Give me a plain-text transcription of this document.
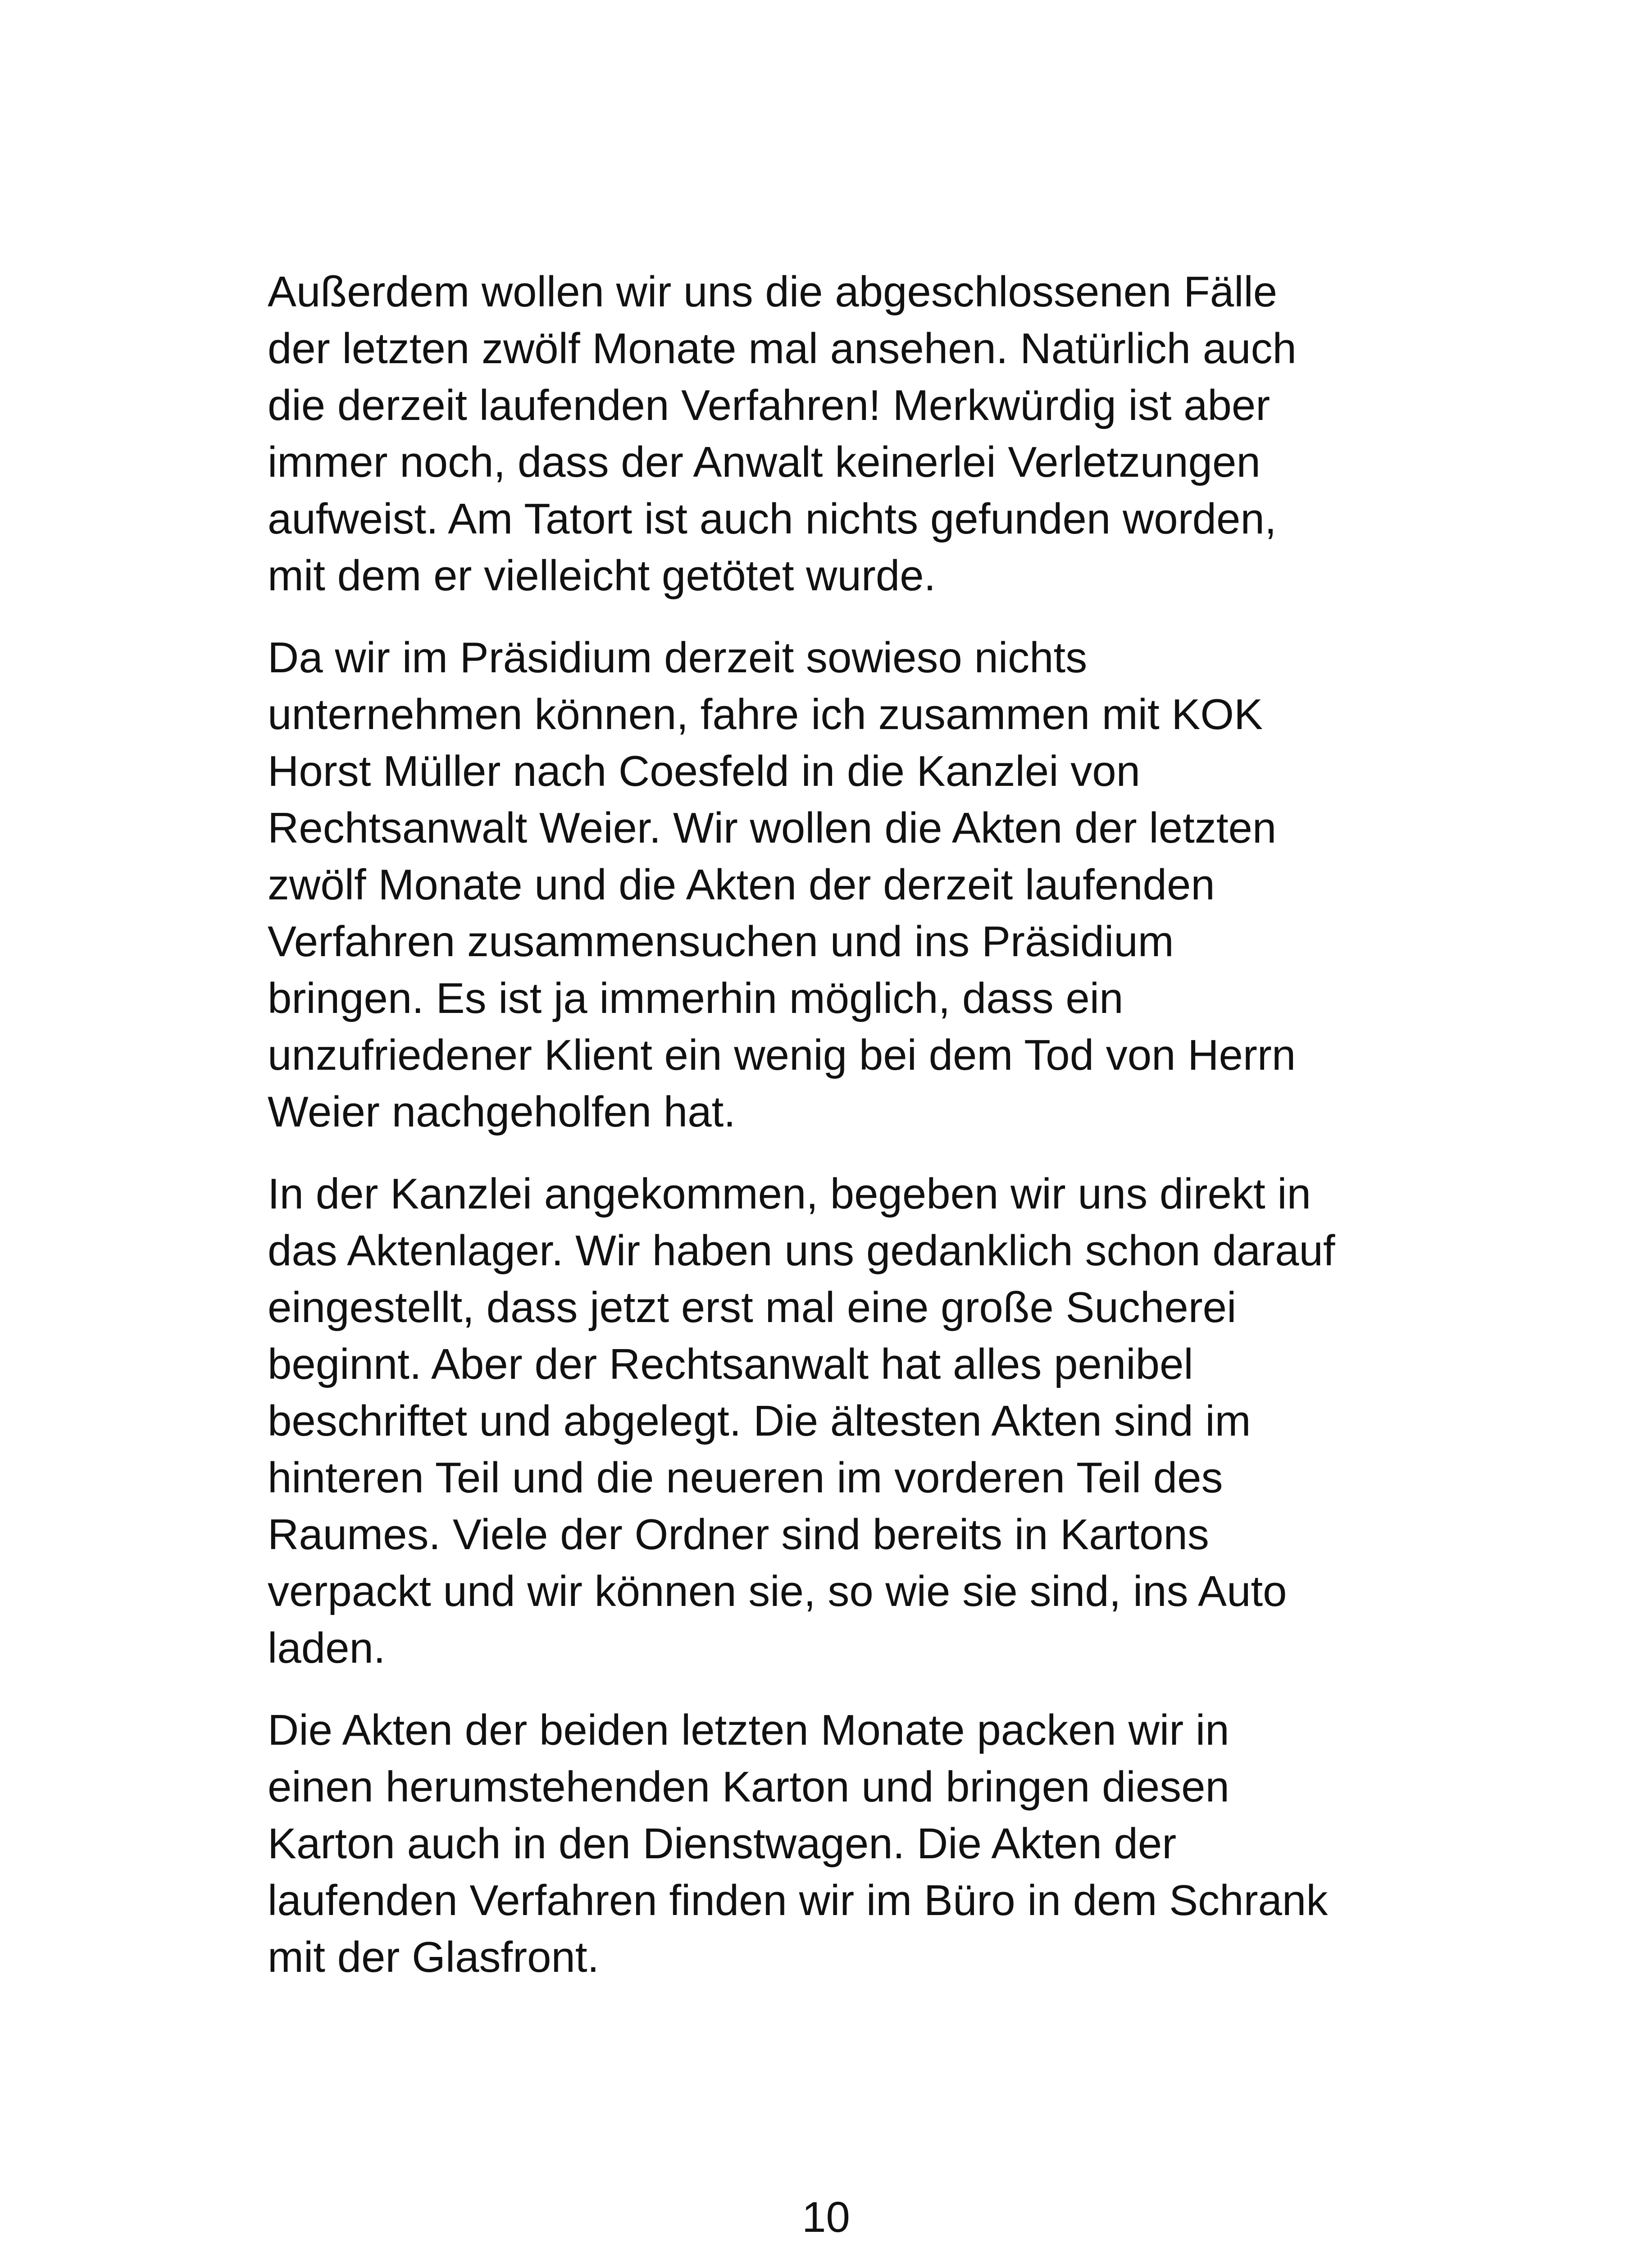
Außerdem wollen wir uns die abgeschlossenen Fälle
der letzten zwölf Monate mal ansehen. Natürlich auch
die derzeit laufenden Verfahren! Merkwürdig ist aber
immer noch, dass der Anwalt keinerlei Verletzungen
aufweist. Am Tatort ist auch nichts gefunden worden,
mit dem er vielleicht getötet wurde.

Da wir im Präsidium derzeit sowieso nichts
unternehmen können, fahre ich zusammen mit KOK
Horst Müller nach Coesfeld in die Kanzlei von
Rechtsanwalt Weier. Wir wollen die Akten der letzten
zwölf Monate und die Akten der derzeit laufenden
Verfahren zusammensuchen und ins Präsidium
bringen. Es ist ja immerhin möglich, dass ein
unzufriedener Klient ein wenig bei dem Tod von Herrn
Weier nachgeholfen hat.

In der Kanzlei angekommen, begeben wir uns direkt in
das Aktenlager. Wir haben uns gedanklich schon darauf
eingestellt, dass jetzt erst mal eine große Sucherei
beginnt. Aber der Rechtsanwalt hat alles penibel
beschriftet und abgelegt. Die ältesten Akten sind im
hinteren Teil und die neueren im vorderen Teil des
Raumes. Viele der Ordner sind bereits in Kartons
verpackt und wir können sie, so wie sie sind, ins Auto
laden.

Die Akten der beiden letzten Monate packen wir in
einen herumstehenden Karton und bringen diesen
Karton auch in den Dienstwagen. Die Akten der
laufenden Verfahren finden wir im Büro in dem Schrank
mit der Glasfront.

10
